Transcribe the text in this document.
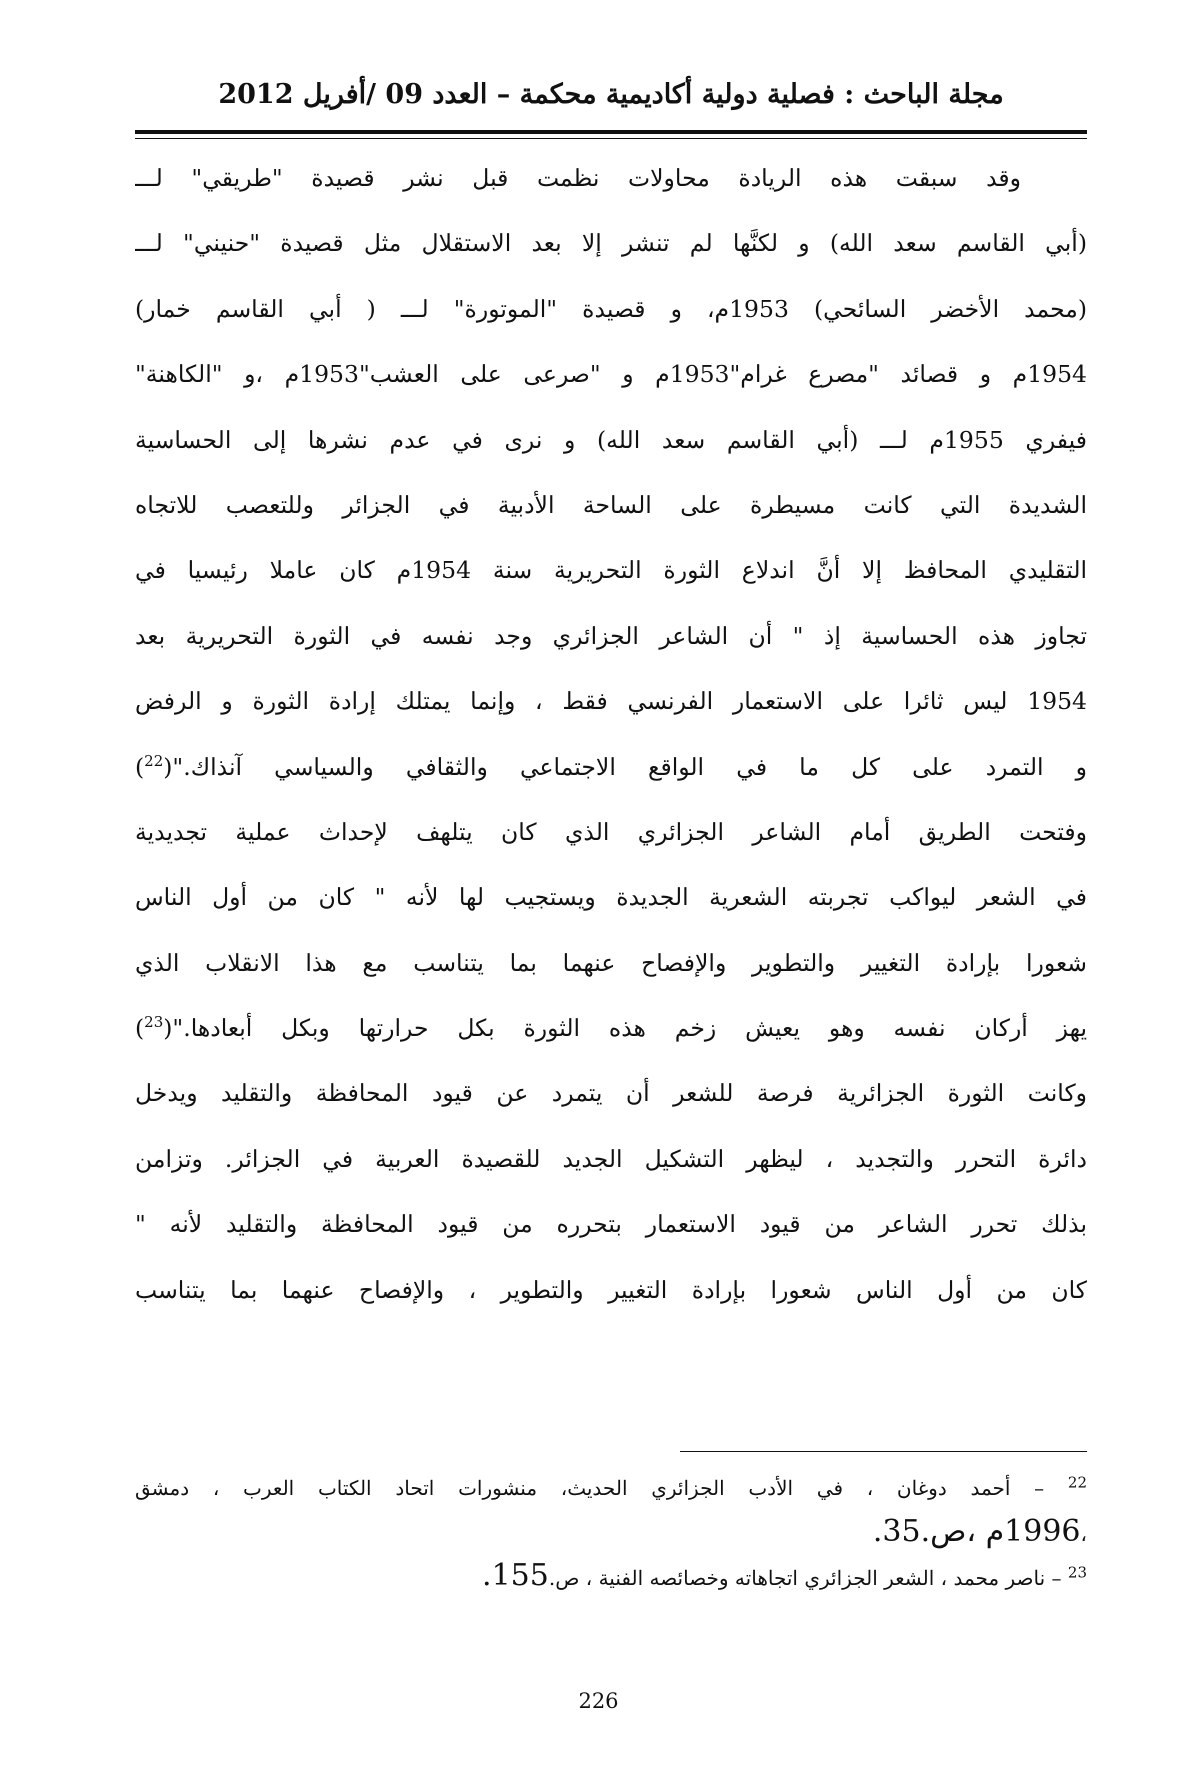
مجلة الباحث : فصلية دولية أكاديمية محكمة – العدد 09 /أفريل 2012
وقد سبقت هذه الريادة محاولات نظمت قبل نشر قصيدة "طريقي" لـــ
(أبي القاسم سعد الله) و لكنَّها لم تنشر إلا بعد الاستقلال مثل قصيدة "حنيني" لـــ
(محمد الأخضر السائحي) 1953م، و قصيدة "الموتورة" لـــ ( أبي القاسم خمار)
1954م و قصائد "مصرع غرام"1953م و "صرعى على العشب"1953م ،و "الكاهنة"
فيفري 1955م لـــ (أبي القاسم سعد الله) و نرى في عدم نشرها إلى الحساسية
الشديدة التي كانت مسيطرة على الساحة الأدبية في الجزائر وللتعصب للاتجاه
التقليدي المحافظ إلا أنَّ اندلاع الثورة التحريرية سنة 1954م كان عاملا رئيسيا في
تجاوز هذه الحساسية إذ " أن الشاعر الجزائري وجد نفسه في الثورة التحريرية بعد
1954 ليس ثائرا على الاستعمار الفرنسي فقط ، وإنما يمتلك إرادة الثورة و الرفض
و التمرد على كل ما في الواقع الاجتماعي والثقافي والسياسي آنذاك."($^{22}$)
وفتحت الطريق أمام الشاعر الجزائري الذي كان يتلهف لإحداث عملية تجديدية
في الشعر ليواكب تجربته الشعرية الجديدة ويستجيب لها لأنه " كان من أول الناس
شعورا بإرادة التغيير والتطوير والإفصاح عنهما بما يتناسب مع هذا الانقلاب الذي
يهز أركان نفسه وهو يعيش زخم هذه الثورة بكل حرارتها وبكل أبعادها."($^{23}$)
وكانت الثورة الجزائرية فرصة للشعر أن يتمرد عن قيود المحافظة والتقليد ويدخل
دائرة التحرر والتجديد ، ليظهر التشكيل الجديد للقصيدة العربية في الجزائر. وتزامن
بذلك تحرر الشاعر من قيود الاستعمار بتحرره من قيود المحافظة والتقليد لأنه "
كان من أول الناس شعورا بإرادة التغيير والتطوير ، والإفصاح عنهما بما يتناسب
$^{22}$ – أحمد دوغان ، في الأدب الجزائري الحديث، منشورات اتحاد الكتاب العرب ، دمشق
،1996م ،ص.35.
$^{23}$ – ناصر محمد ، الشعر الجزائري اتجاهاته وخصائصه الفنية ، ص.155.
226
